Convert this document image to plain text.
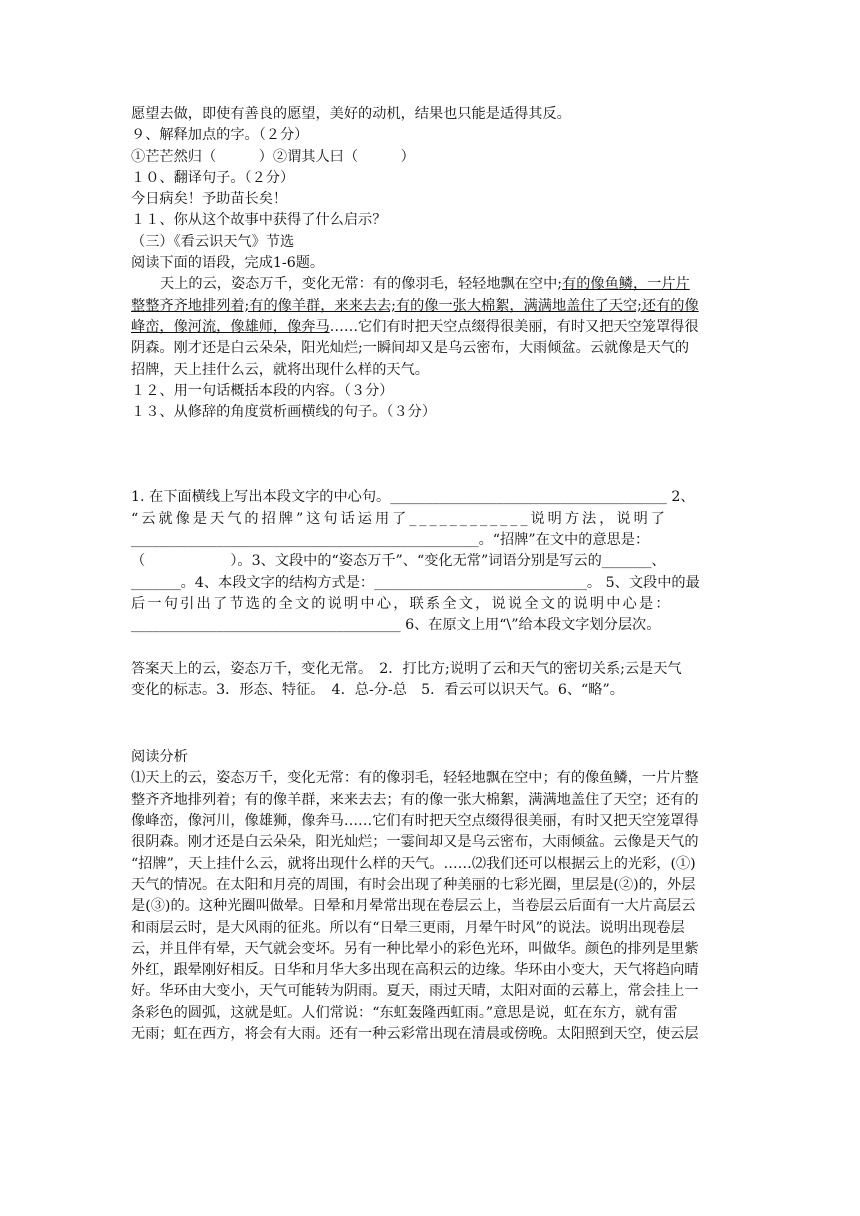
愿望去做，即使有善良的愿望，美好的动机，结果也只能是适得其反。
９、解释加点的字。（２分）
①芒芒然归（　　　）②谓其人曰（　　　）
１０、翻译句子。（２分）
今日病矣！予助苗长矣！
１１、你从这个故事中获得了什么启示？
（三）《看云识天气》节选
阅读下面的语段，完成1-6题。
天上的云，姿态万千，变化无常：有的像羽毛，轻轻地飘在空中;有的像鱼鳞，一片片
整整齐齐地排列着;有的像羊群，来来去去;有的像一张大棉絮，满满地盖住了天空;还有的像
峰峦，像河流，像雄师，像奔马……它们有时把天空点缀得很美丽，有时又把天空笼罩得很
阴森。刚才还是白云朵朵，阳光灿烂;一瞬间却又是乌云密布，大雨倾盆。云就像是天气的
招牌，天上挂什么云，就将出现什么样的天气。
１２、用一句话概括本段的内容。（３分）
１３、从修辞的角度赏析画横线的句子。（３分）
1. 在下面横线上写出本段文字的中心句。_______________________________________ 2、
“云就像是天气的招牌”这句话运用了____________说明方法，说明了
_________________________________________________。“招牌”在文中的意思是：
（　　　　　　）。3、文段中的“姿态万千”、“变化无常”词语分别是写云的_______、
_______。4、本段文字的结构方式是：______________________________。 5、文段中的最
后一句引出了节选的全文的说明中心，联系全文，说说全文的说明中心是：
______________________________________ 6、在原文上用“\”给本段文字划分层次。
答案天上的云，姿态万千，变化无常。　2．打比方;说明了云和天气的密切关系;云是天气
变化的标志。3．形态、特征。　4．总-分-总　5．看云可以识天气。6、“略”。
阅读分析
⑴天上的云，姿态万千，变化无常：有的像羽毛，轻轻地飘在空中；有的像鱼鳞，一片片整
整齐齐地排列着；有的像羊群，来来去去；有的像一张大棉絮，满满地盖住了天空；还有的
像峰峦，像河川，像雄狮，像奔马……它们有时把天空点缀得很美丽，有时又把天空笼罩得
很阴森。刚才还是白云朵朵，阳光灿烂；一霎间却又是乌云密布，大雨倾盆。云像是天气的
“招牌”，天上挂什么云，就将出现什么样的天气。……⑵我们还可以根据云上的光彩，(①)
天气的情况。在太阳和月亮的周围，有时会出现了种美丽的七彩光圈，里层是(②)的，外层
是(③)的。这种光圈叫做晕。日晕和月晕常出现在卷层云上，当卷层云后面有一大片高层云
和雨层云时，是大风雨的征兆。所以有“日晕三更雨，月晕午时风”的说法。说明出现卷层
云，并且伴有晕，天气就会变坏。另有一种比晕小的彩色光环，叫做华。颜色的排列是里紫
外红，跟晕刚好相反。日华和月华大多出现在高积云的边缘。华环由小变大，天气将趋向晴
好。华环由大变小，天气可能转为阴雨。夏天，雨过天晴，太阳对面的云幕上，常会挂上一
条彩色的圆弧，这就是虹。人们常说：“东虹轰隆西虹雨。”意思是说，虹在东方，就有雷
无雨；虹在西方，将会有大雨。还有一种云彩常出现在清晨或傍晚。太阳照到天空，使云层
